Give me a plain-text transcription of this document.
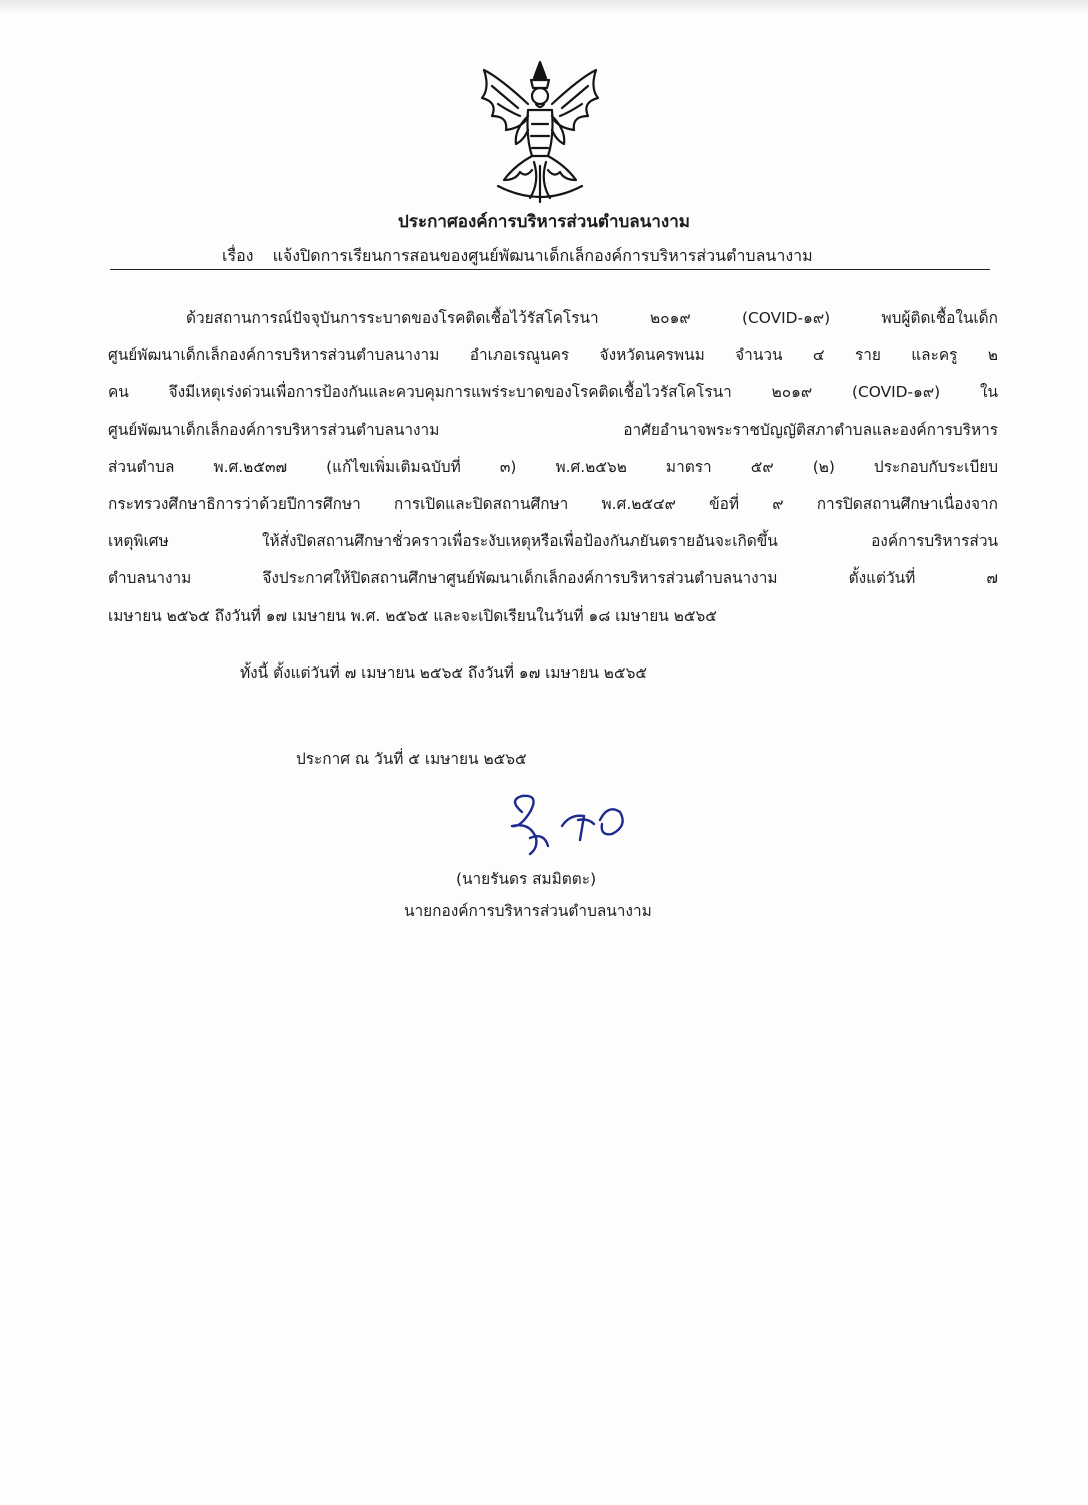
ประกาศองค์การบริหารส่วนตำบลนางาม
เรื่อง แจ้งปิดการเรียนการสอนของศูนย์พัฒนาเด็กเล็กองค์การบริหารส่วนตำบลนางาม
ด้วยสถานการณ์ปัจจุบันการระบาดของโรคติดเชื้อไว้รัสโคโรนา ๒๐๑๙ (COVID-๑๙) พบผู้ติดเชื้อในเด็ก
ศูนย์พัฒนาเด็กเล็กองค์การบริหารส่วนตำบลนางาม อำเภอเรณูนคร จังหวัดนครพนม จำนวน ๔ ราย และครู ๒
คน จึงมีเหตุเร่งด่วนเพื่อการป้องกันและควบคุมการแพร่ระบาดของโรคติดเชื้อไวรัสโคโรนา ๒๐๑๙ (COVID-๑๙) ใน
ศูนย์พัฒนาเด็กเล็กองค์การบริหารส่วนตำบลนางาม อาศัยอำนาจพระราชบัญญัติสภาตำบลและองค์การบริหาร
ส่วนตำบล พ.ศ.๒๕๓๗ (แก้ไขเพิ่มเติมฉบับที่ ๓) พ.ศ.๒๕๖๒ มาตรา ๕๙ (๒) ประกอบกับระเบียบ
กระทรวงศึกษาธิการว่าด้วยปีการศึกษา การเปิดและปิดสถานศึกษา พ.ศ.๒๕๔๙ ข้อที่ ๙ การปิดสถานศึกษาเนื่องจาก
เหตุพิเศษ ให้สั่งปิดสถานศึกษาชั่วคราวเพื่อระงับเหตุหรือเพื่อป้องกันภยันตรายอันจะเกิดขึ้น องค์การบริหารส่วน
ตำบลนางาม จึงประกาศให้ปิดสถานศึกษาศูนย์พัฒนาเด็กเล็กองค์การบริหารส่วนตำบลนางาม ตั้งแต่วันที่ ๗
เมษายน ๒๕๖๕ ถึงวันที่ ๑๗ เมษายน พ.ศ. ๒๕๖๕ และจะเปิดเรียนในวันที่ ๑๘ เมษายน ๒๕๖๕
ทั้งนี้ ตั้งแต่วันที่ ๗ เมษายน ๒๕๖๕ ถึงวันที่ ๑๗ เมษายน ๒๕๖๕
ประกาศ ณ วันที่ ๕ เมษายน ๒๕๖๕
(นายรันดร สมมิตตะ)
นายกองค์การบริหารส่วนตำบลนางาม
